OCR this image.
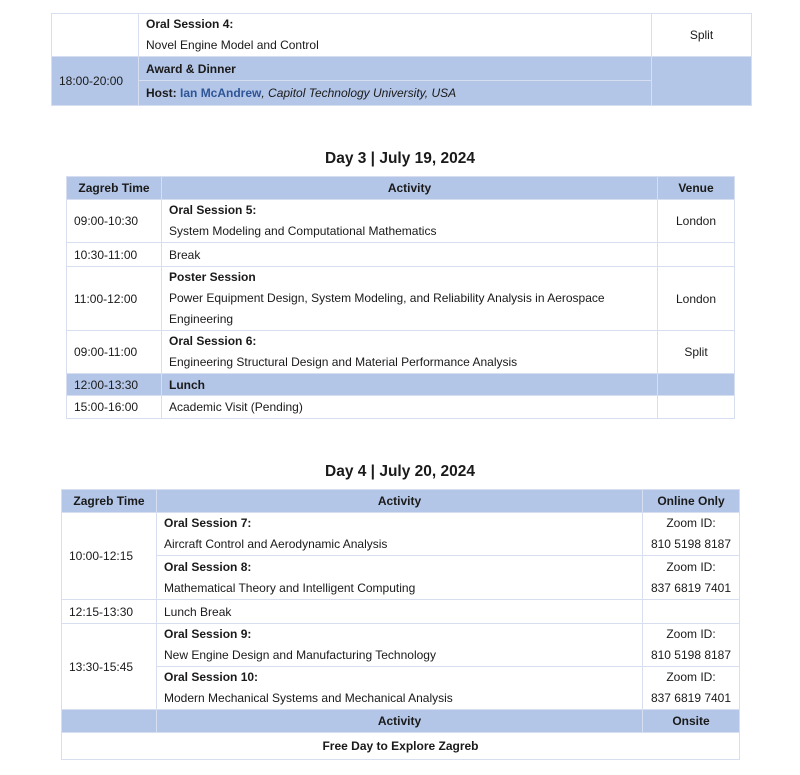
	Oral Session 4:
Novel Engine Model and Control	Split
18:00-20:00	Award & Dinner	
	Host: Ian McAndrew, Capitol Technology University, USA	
Day 3 | July 19, 2024
Zagreb Time	Activity	Venue
09:00-10:30	Oral Session 5:
System Modeling and Computational Mathematics	London
10:30-11:00	Break	
11:00-12:00	Poster Session
Power Equipment Design, System Modeling, and Reliability Analysis in Aerospace
Engineering	London
09:00-11:00	Oral Session 6:
Engineering Structural Design and Material Performance Analysis	Split
12:00-13:30	Lunch	
15:00-16:00	Academic Visit (Pending)	
Day 4 | July 20, 2024
Zagreb Time	Activity	Online Only
10:00-12:15	Oral Session 7:
Aircraft Control and Aerodynamic Analysis	Zoom ID:
810 5198 8187

	Oral Session 8:
Mathematical Theory and Intelligent Computing	Zoom ID:
837 6819 7401

12:15-13:30	Lunch Break	
13:30-15:45	Oral Session 9:
New Engine Design and Manufacturing Technology	Zoom ID:
810 5198 8187

	Oral Session 10:
Modern Mechanical Systems and Mechanical Analysis	Zoom ID:
837 6819 7401

	Activity	Onsite
Free Day to Explore Zagreb		
